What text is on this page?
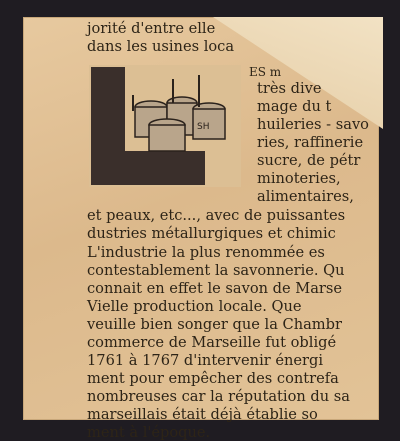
SH
jorité d'entre elle
dans les usines loca
ES m
très dive
mage du t
huileries - savo
ries, raffinerie
sucre, de pétr
minoteries,
alimentaires,
et peaux, etc..., avec de puissantes
dustries métallurgiques et chimic
L'industrie la plus renommée es
contestablement la savonnerie. Qu
connait en effet le savon de Marse
Vielle production locale. Que
veuille bien songer que la Chambr
commerce de Marseille fut obligé
1761 à 1767 d'intervenir énergi
ment pour empêcher des contrefa
nombreuses car la réputation du sa
marseillais était déjà établie so
ment à l'époque.
